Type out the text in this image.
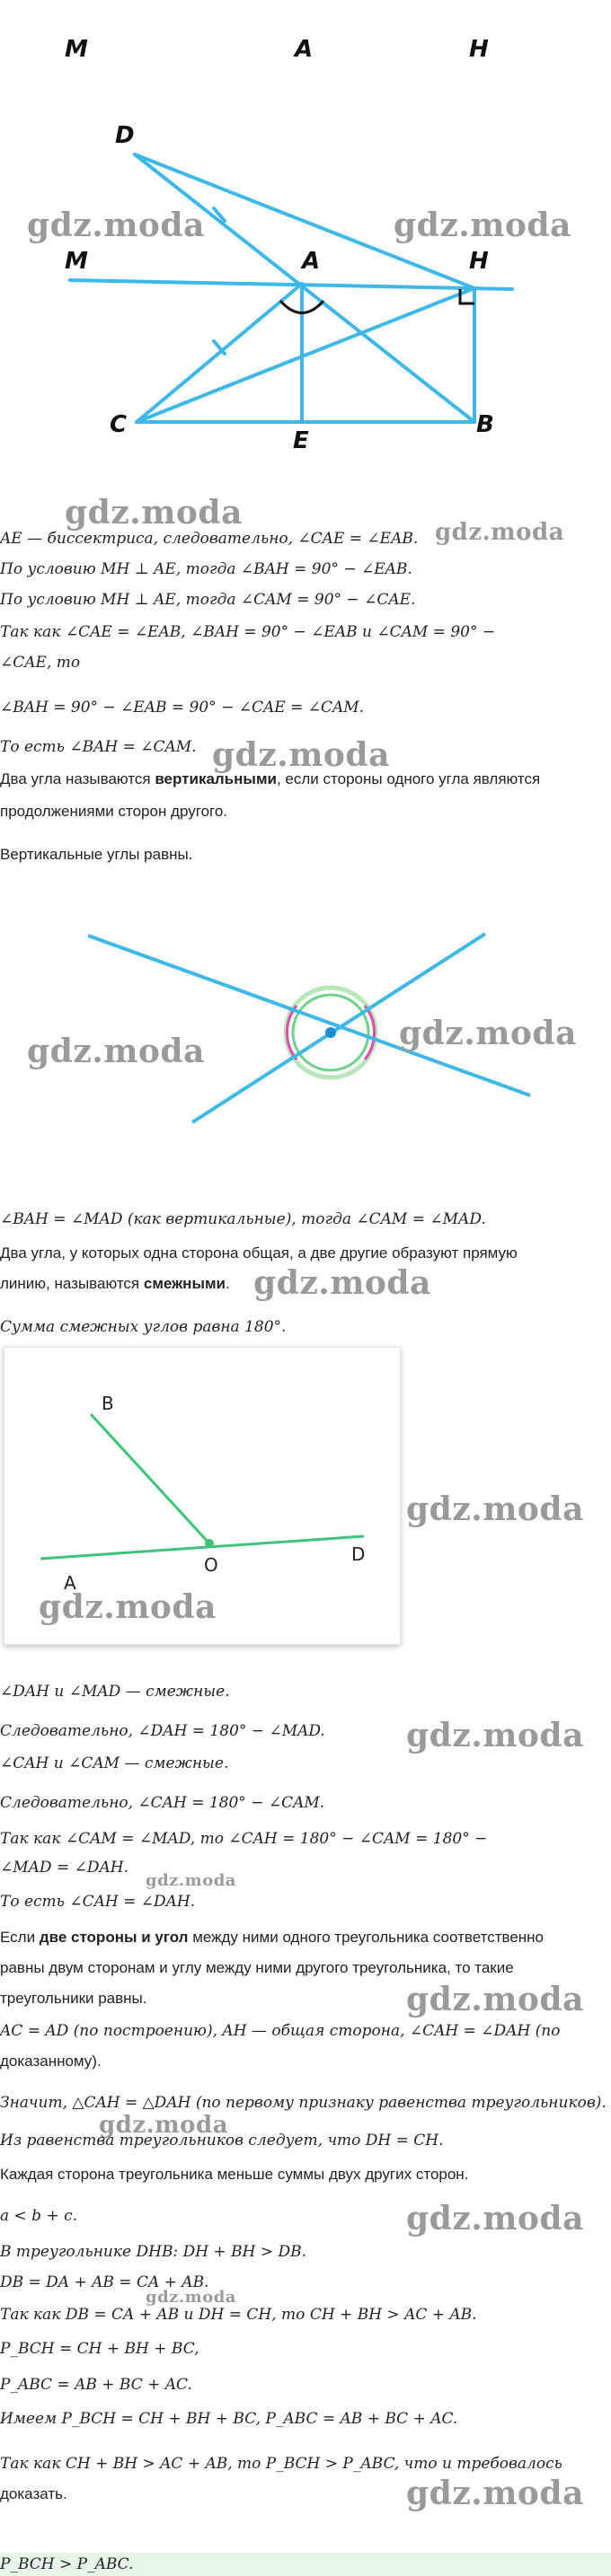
M	A	H
D
M	A	H
C
E
B
gdz.moda	gdz.moda
gdz.moda
AE — биссектриса, следовательно, ∠CAE = ∠EAB. gdz.moda
По условию MH ⊥ AE, тогда ∠BAH = 90° − ∠EAB.
По условию MH ⊥ AE, тогда ∠CAM = 90° − ∠CAE.
Так как ∠CAE = ∠EAB, ∠BAH = 90° − ∠EAB и ∠CAM = 90° −
∠CAE, то
∠BAH = 90° − ∠EAB = 90° − ∠CAE = ∠CAM.
То есть ∠BAH = ∠CAM. gdz.moda
Два угла называются вертикальными, если стороны одного угла являются
продолжениями сторон другого.
Вертикальные углы равны.
gdz.moda	gdz.moda
∠BAH = ∠MAD (как вертикальные), тогда ∠CAM = ∠MAD.
Два угла, у которых одна сторона общая, а две другие образуют прямую
линию, называются смежными. gdz.moda
Сумма смежных углов равна 180°.
B
O	D
A
gdz.moda
gdz.moda
∠DAH и ∠MAD — смежные.
Следовательно, ∠DAH = 180° − ∠MAD.	gdz.moda
∠CAH и ∠CAM — смежные.
Следовательно, ∠CAH = 180° − ∠CAM.
Так как ∠CAM = ∠MAD, то ∠CAH = 180° − ∠CAM = 180° −
∠MAD = ∠DAH.
gdz.moda
То есть ∠CAH = ∠DAH.
Если две стороны и угол между ними одного треугольника соответственно
равны двум сторонам и углу между ними другого треугольника, то такие
треугольники равны.	gdz.moda
AC = AD (по построению), AH — общая сторона, ∠CAH = ∠DAH (по
доказанному).
Значит, △CAH = △DAH (по первому признаку равенства треугольников).
gdz.moda
Из равенства треугольников следует, что DH = CH.
Каждая сторона треугольника меньше суммы двух других сторон.
a < b + c.	gdz.moda
В треугольнике DHB: DH + BH > DB.
DB = DA + AB = CA + AB.
gdz.moda
Так как DB = CA + AB и DH = CH, то CH + BH > AC + AB.
P_BCH = CH + BH + BC,
P_ABC = AB + BC + AC.
Имеем P_BCH = CH + BH + BC, P_ABC = AB + BC + AC.
Так как CH + BH > AC + AB, то P_BCH > P_ABC, что и требовалось
доказать.	gdz.moda
P_BCH > P_ABC.
